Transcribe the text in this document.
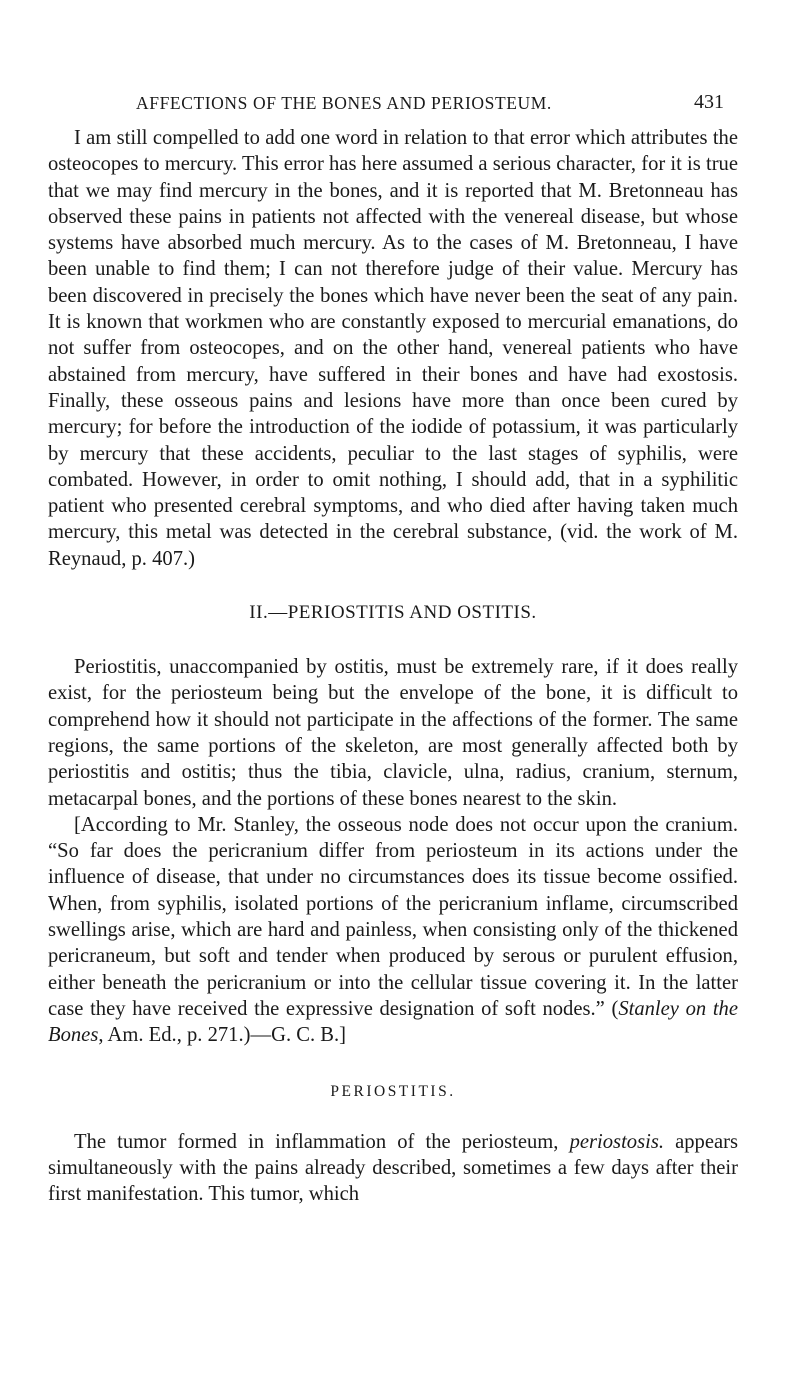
AFFECTIONS OF THE BONES AND PERIOSTEUM.	431

I am still compelled to add one word in relation to that error which attributes the osteocopes to mercury. This error has here assumed a serious character, for it is true that we may find mercury in the bones, and it is reported that M. Bretonneau has observed these pains in patients not affected with the venereal disease, but whose systems have absorbed much mercury. As to the cases of M. Bretonneau, I have been unable to find them; I can not therefore judge of their value. Mercury has been discovered in precisely the bones which have never been the seat of any pain. It is known that workmen who are constantly exposed to mercurial emanations, do not suffer from osteocopes, and on the other hand, venereal patients who have abstained from mercury, have suffered in their bones and have had exostosis. Finally, these osseous pains and lesions have more than once been cured by mercury; for before the introduction of the iodide of potassium, it was particularly by mercury that these accidents, peculiar to the last stages of syphilis, were combated. However, in order to omit nothing, I should add, that in a syphilitic patient who presented cerebral symptoms, and who died after having taken much mercury, this metal was detected in the cerebral substance, (vid. the work of M. Reynaud, p. 407.)

II.—PERIOSTITIS AND OSTITIS.

Periostitis, unaccompanied by ostitis, must be extremely rare, if it does really exist, for the periosteum being but the envelope of the bone, it is difficult to comprehend how it should not participate in the affections of the former. The same regions, the same portions of the skeleton, are most generally affected both by periostitis and ostitis; thus the tibia, clavicle, ulna, radius, cranium, sternum, metacarpal bones, and the portions of these bones nearest to the skin.

[According to Mr. Stanley, the osseous node does not occur upon the cranium. “So far does the pericranium differ from periosteum in its actions under the influence of disease, that under no circumstances does its tissue become ossified. When, from syphilis, isolated portions of the pericranium inflame, circumscribed swellings arise, which are hard and painless, when consisting only of the thickened pericraneum, but soft and tender when produced by serous or purulent effusion, either beneath the pericranium or into the cellular tissue covering it. In the latter case they have received the expressive designation of soft nodes.” (Stanley on the Bones, Am. Ed., p. 271.)—G. C. B.]

PERIOSTITIS.

The tumor formed in inflammation of the periosteum, periostosis. appears simultaneously with the pains already described, sometimes a few days after their first manifestation. This tumor, which
